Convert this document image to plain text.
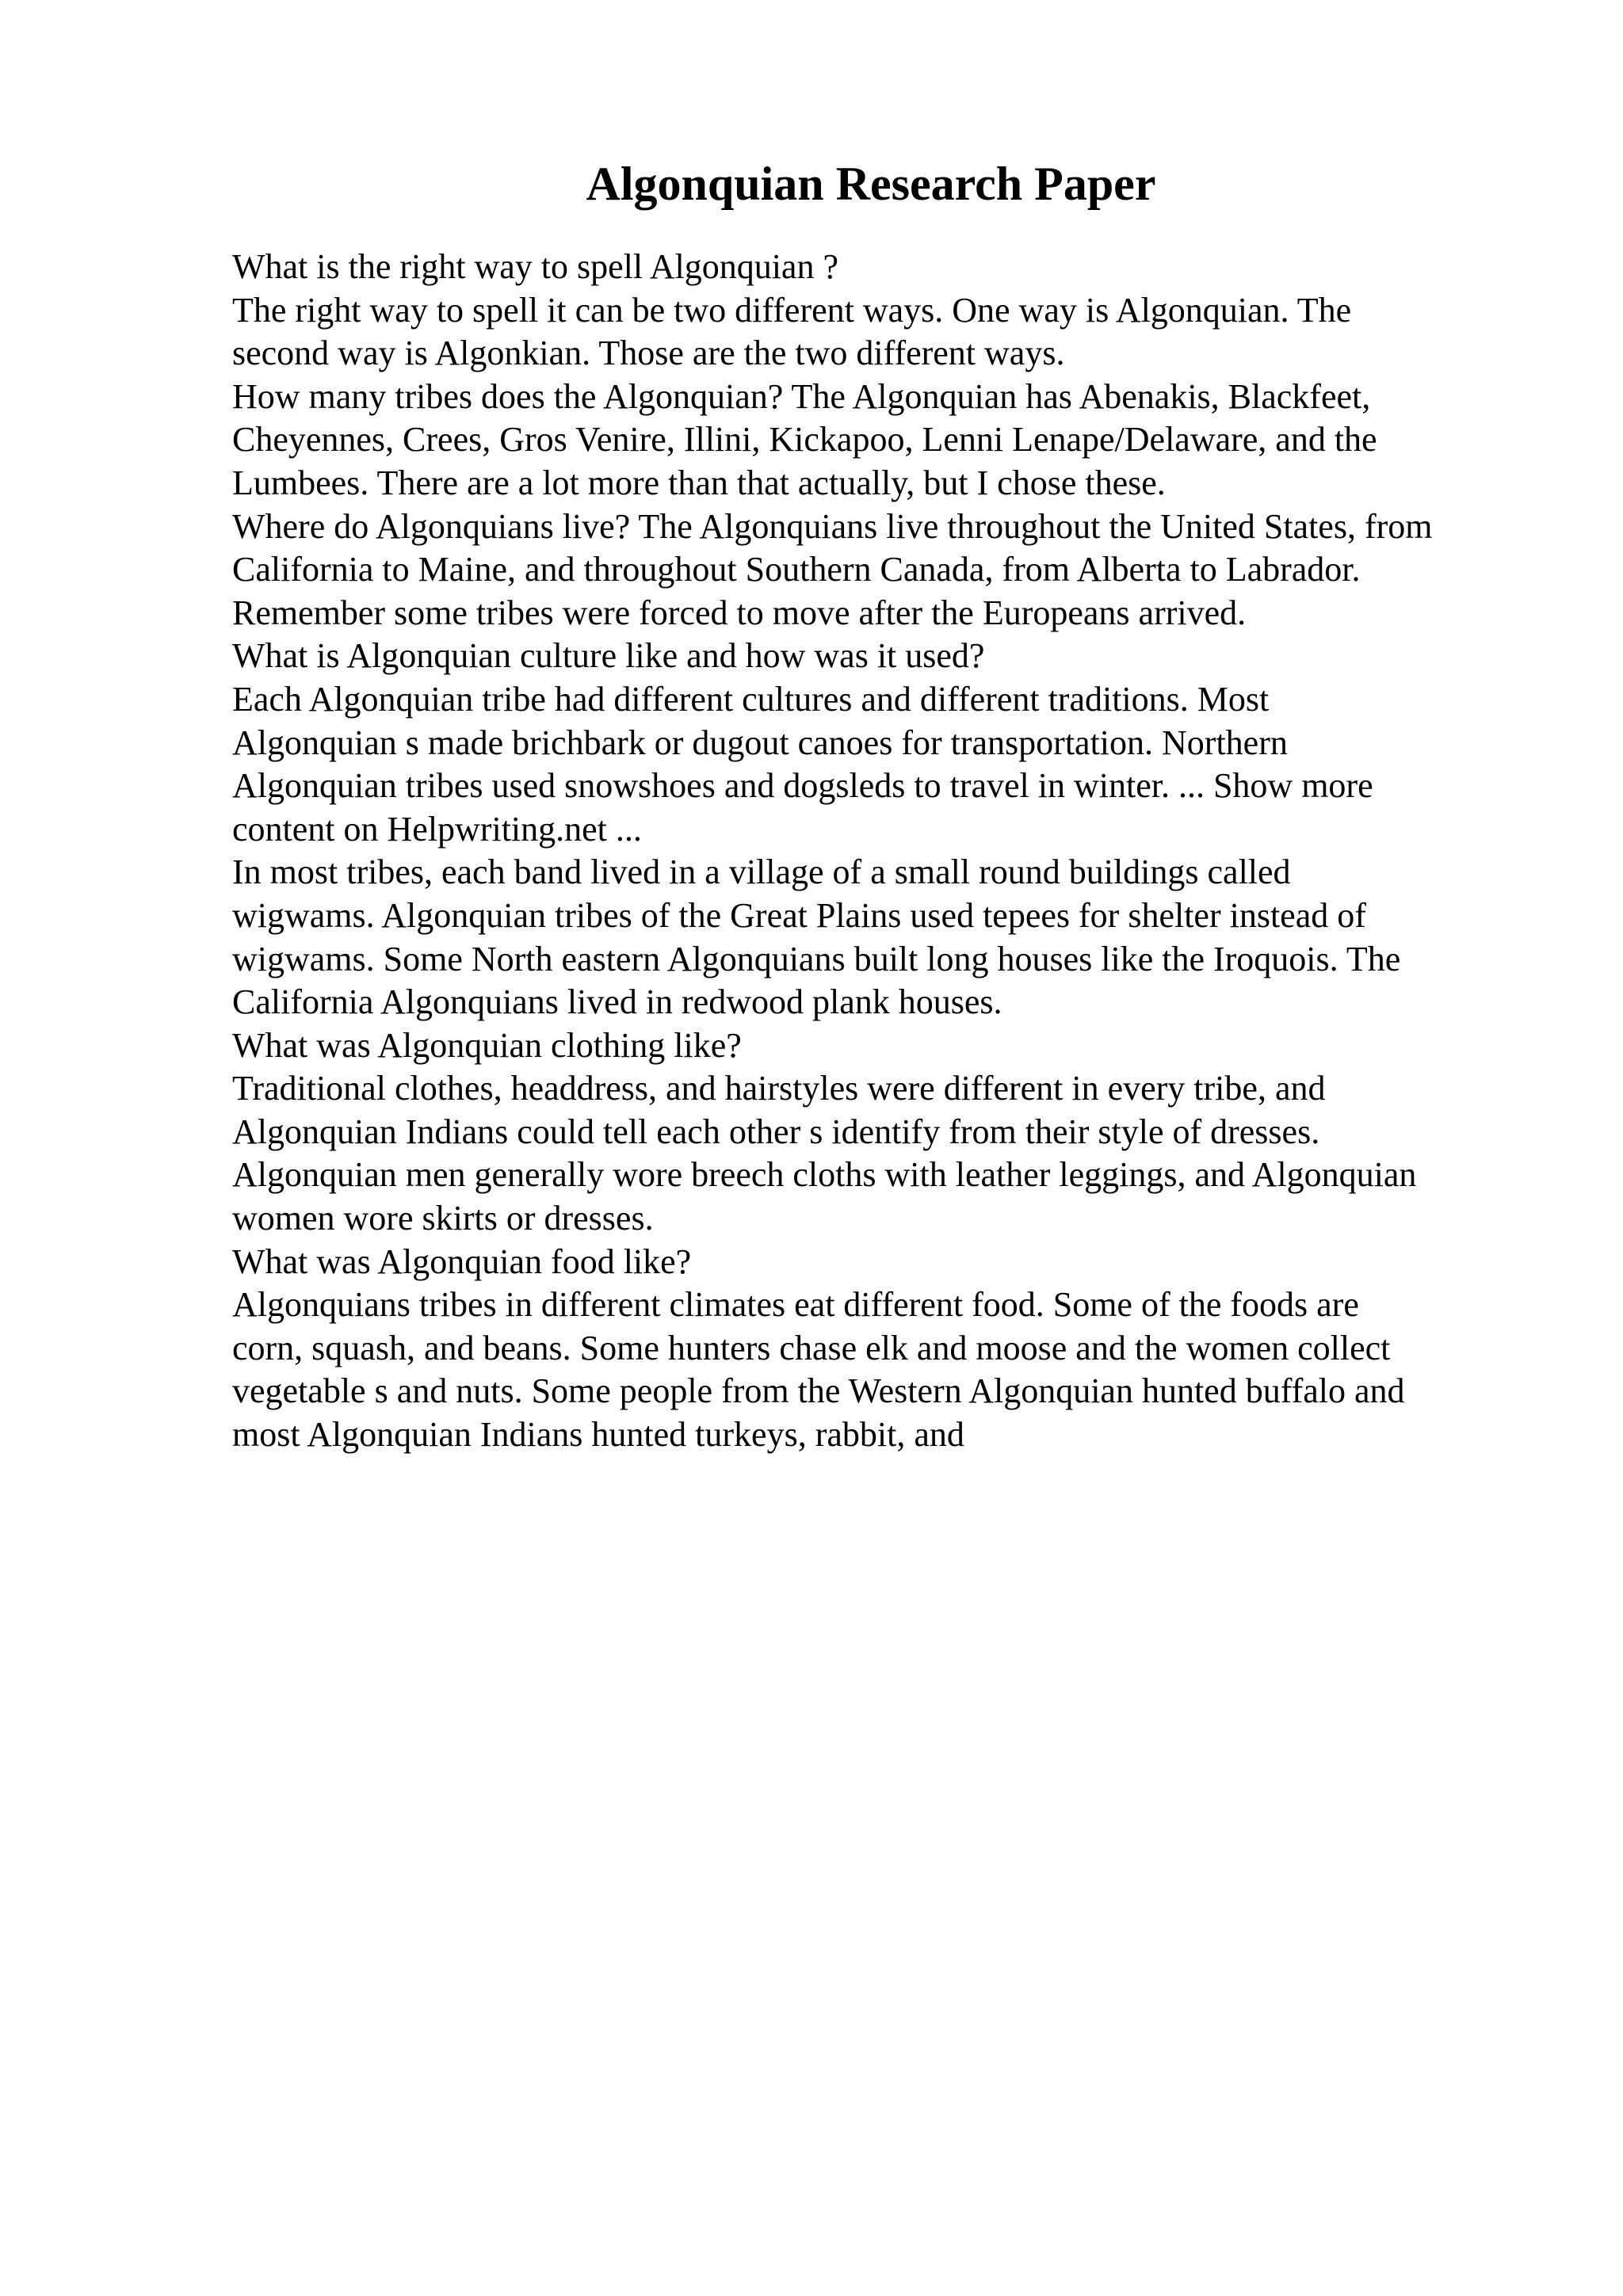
Algonquian Research Paper
What is the right way to spell Algonquian ?
The right way to spell it can be two different ways. One way is Algonquian. The
second way is Algonkian. Those are the two different ways.
How many tribes does the Algonquian? The Algonquian has Abenakis, Blackfeet,
Cheyennes, Crees, Gros Venire, Illini, Kickapoo, Lenni Lenape/Delaware, and the
Lumbees. There are a lot more than that actually, but I chose these.
Where do Algonquians live? The Algonquians live throughout the United States, from
California to Maine, and throughout Southern Canada, from Alberta to Labrador.
Remember some tribes were forced to move after the Europeans arrived.
What is Algonquian culture like and how was it used?
Each Algonquian tribe had different cultures and different traditions. Most
Algonquian s made brichbark or dugout canoes for transportation. Northern
Algonquian tribes used snowshoes and dogsleds to travel in winter. ... Show more
content on Helpwriting.net ...
In most tribes, each band lived in a village of a small round buildings called
wigwams. Algonquian tribes of the Great Plains used tepees for shelter instead of
wigwams. Some North eastern Algonquians built long houses like the Iroquois. The
California Algonquians lived in redwood plank houses.
What was Algonquian clothing like?
Traditional clothes, headdress, and hairstyles were different in every tribe, and
Algonquian Indians could tell each other s identify from their style of dresses.
Algonquian men generally wore breech cloths with leather leggings, and Algonquian
women wore skirts or dresses.
What was Algonquian food like?
Algonquians tribes in different climates eat different food. Some of the foods are
corn, squash, and beans. Some hunters chase elk and moose and the women collect
vegetable s and nuts. Some people from the Western Algonquian hunted buffalo and
most Algonquian Indians hunted turkeys, rabbit, and
